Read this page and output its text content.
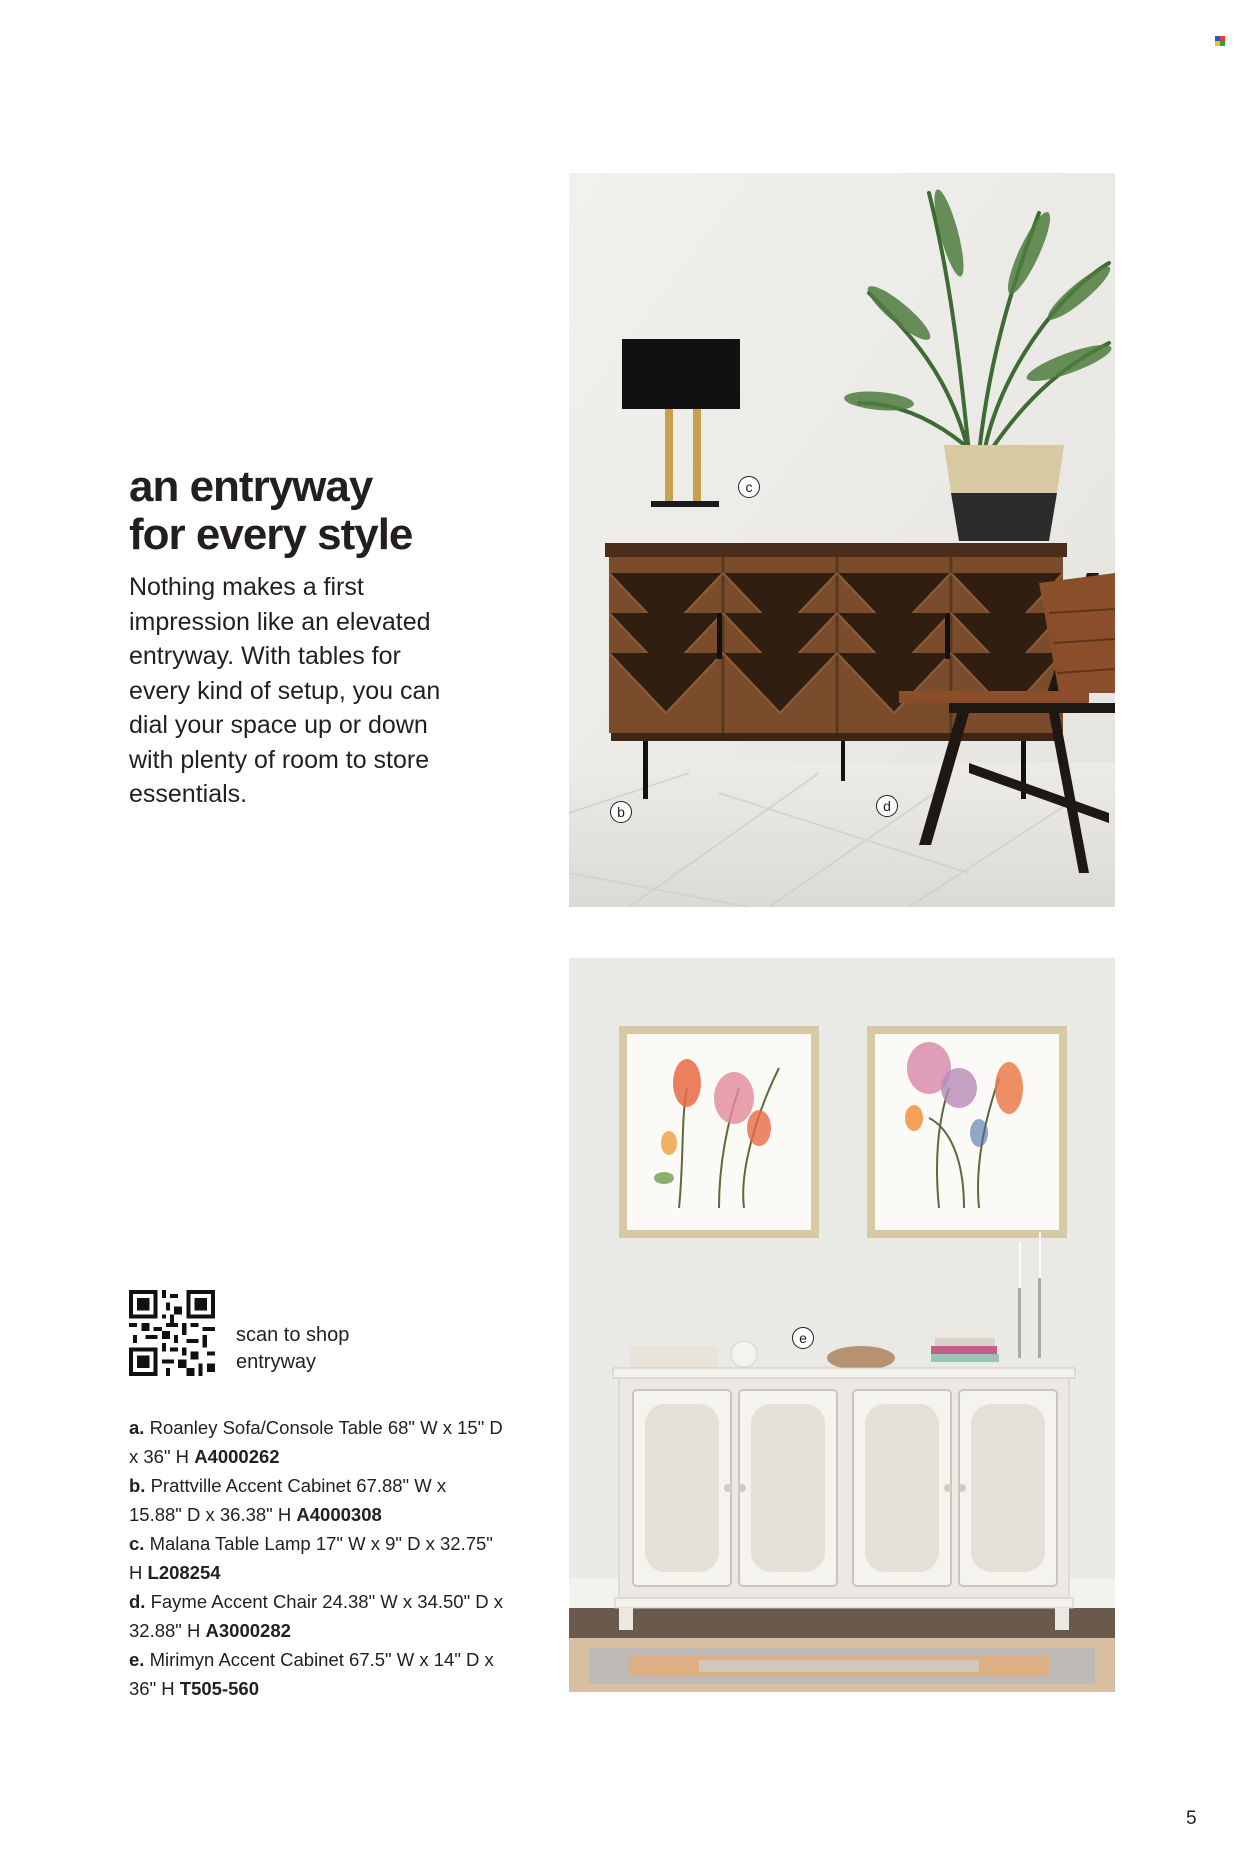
an entryway
for every style

Nothing makes a first impression like an elevated entryway. With tables for every kind of setup, you can dial your space up or down with plenty of room to store essentials.

c
b	d
e
scan to shop
entryway

a. Roanley Sofa/Console Table 68" W x 15" D x 36" H A4000262

b. Prattville Accent Cabinet 67.88" W x 15.88" D x 36.38" H A4000308

c. Malana Table Lamp 17" W x 9" D x 32.75" H L208254

d. Fayme Accent Chair 24.38" W x 34.50" D x 32.88" H A3000282

e. Mirimyn Accent Cabinet 67.5" W x 14" D x 36" H T505-560

5
